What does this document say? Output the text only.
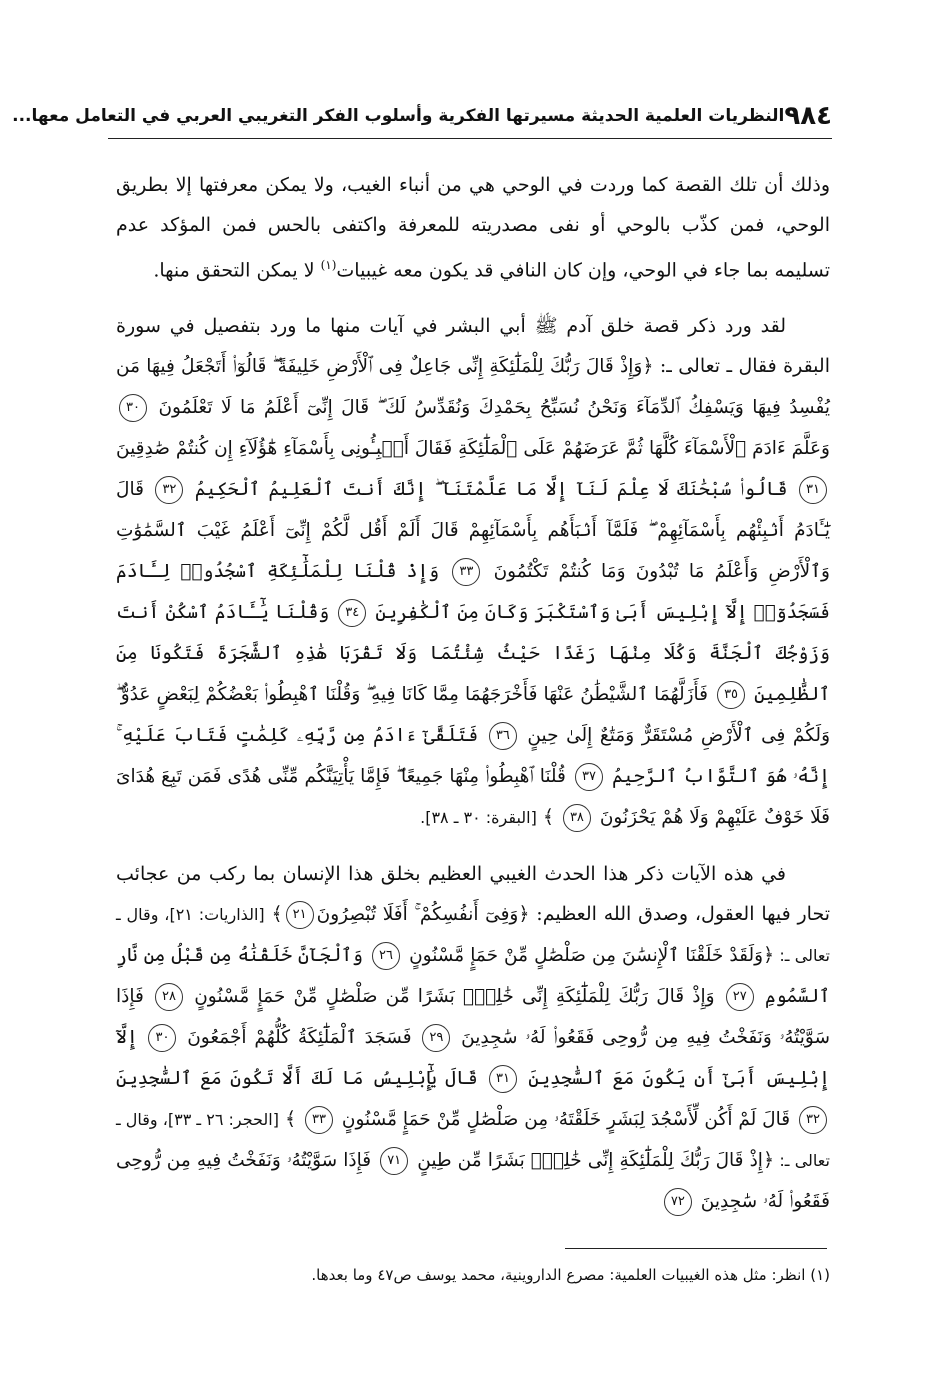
٩٨٤
النظريات العلمية الحديثة مسيرتها الفكرية وأسلوب الفكر التغريبي العربي في التعامل معها...

وذلك أن تلك القصة كما وردت في الوحي هي من أنباء الغيب، ولا يمكن معرفتها إلا بطريق الوحي، فمن كذّب بالوحي أو نفى مصدريته للمعرفة واكتفى بالحس فمن المؤكد عدم تسليمه بما جاء في الوحي، وإن كان النافي قد يكون معه غيبيات$^{(١)}$ لا يمكن التحقق منها.

لقد ورد ذكر قصة خلق آدم ﷺ أبي البشر في آيات منها ما ورد بتفصيل في سورة البقرة فقال ـ تعالى ـ: ﴿وَإِذْ قَالَ رَبُّكَ لِلْمَلَٰٓئِكَةِ إِنِّى جَاعِلٌ فِى ٱلْأَرْضِ خَلِيفَةً ۖ قَالُوٓا۟ أَتَجْعَلُ فِيهَا مَن يُفْسِدُ فِيهَا وَيَسْفِكُ ٱلدِّمَآءَ وَنَحْنُ نُسَبِّحُ بِحَمْدِكَ وَنُقَدِّسُ لَكَ ۖ قَالَ إِنِّىٓ أَعْلَمُ مَا لَا تَعْلَمُونَ ٣٠ وَعَلَّمَ ءَادَمَ ٱلْأَسْمَآءَ كُلَّهَا ثُمَّ عَرَضَهُمْ عَلَى ٱلْمَلَٰٓئِكَةِ فَقَالَ أَنۢبِـُٔونِى بِأَسْمَآءِ هَٰٓؤُلَآءِ إِن كُنتُمْ صَٰدِقِينَ ٣١ قَالُوا۟ سُبْحَٰنَكَ لَا عِلْمَ لَنَآ إِلَّا مَا عَلَّمْتَنَآ ۖ إِنَّكَ أَنتَ ٱلْعَلِيمُ ٱلْحَكِيمُ ٣٢ قَالَ يَٰٓـَٔادَمُ أَنۢبِئْهُم بِأَسْمَآئِهِمْ ۖ فَلَمَّآ أَنۢبَأَهُم بِأَسْمَآئِهِمْ قَالَ أَلَمْ أَقُل لَّكُمْ إِنِّىٓ أَعْلَمُ غَيْبَ ٱلسَّمَٰوَٰتِ وَٱلْأَرْضِ وَأَعْلَمُ مَا تُبْدُونَ وَمَا كُنتُمْ تَكْتُمُونَ ٣٣ وَإِذْ قُلْنَا لِلْمَلَٰٓئِكَةِ ٱسْجُدُوا۟ لِـَٔادَمَ فَسَجَدُوٓا۟ إِلَّآ إِبْلِيسَ أَبَىٰ وَٱسْتَكْبَرَ وَكَانَ مِنَ ٱلْكَٰفِرِينَ ٣٤ وَقُلْنَا يَٰٓـَٔادَمُ ٱسْكُنْ أَنتَ وَزَوْجُكَ ٱلْجَنَّةَ وَكُلَا مِنْهَا رَغَدًا حَيْثُ شِئْتُمَا وَلَا تَقْرَبَا هَٰذِهِ ٱلشَّجَرَةَ فَتَكُونَا مِنَ ٱلظَّٰلِمِينَ ٣٥ فَأَزَلَّهُمَا ٱلشَّيْطَٰنُ عَنْهَا فَأَخْرَجَهُمَا مِمَّا كَانَا فِيهِ ۖ وَقُلْنَا ٱهْبِطُوا۟ بَعْضُكُمْ لِبَعْضٍ عَدُوٌّ ۖ وَلَكُمْ فِى ٱلْأَرْضِ مُسْتَقَرٌّ وَمَتَٰعٌ إِلَىٰ حِينٍ ٣٦ فَتَلَقَّىٰٓ ءَادَمُ مِن رَّبِّهِۦ كَلِمَٰتٍ فَتَابَ عَلَيْهِ ۚ إِنَّهُۥ هُوَ ٱلتَّوَّابُ ٱلرَّحِيمُ ٣٧ قُلْنَا ٱهْبِطُوا۟ مِنْهَا جَمِيعًا ۖ فَإِمَّا يَأْتِيَنَّكُم مِّنِّى هُدًى فَمَن تَبِعَ هُدَاىَ فَلَا خَوْفٌ عَلَيْهِمْ وَلَا هُمْ يَحْزَنُونَ ٣٨ ﴾ [البقرة: ٣٠ ـ ٣٨].

في هذه الآيات ذكر هذا الحدث الغيبي العظيم بخلق هذا الإنسان بما ركب من عجائب تحار فيها العقول، وصدق الله العظيم: ﴿وَفِىٓ أَنفُسِكُمْ ۚ أَفَلَا تُبْصِرُونَ٢١﴾ [الذاريات: ٢١]، وقال ـ تعالى ـ: ﴿وَلَقَدْ خَلَقْنَا ٱلْإِنسَٰنَ مِن صَلْصَٰلٍ مِّنْ حَمَإٍ مَّسْنُونٍ ٢٦ وَٱلْجَآنَّ خَلَقْنَٰهُ مِن قَبْلُ مِن نَّارِ ٱلسَّمُومِ ٢٧ وَإِذْ قَالَ رَبُّكَ لِلْمَلَٰٓئِكَةِ إِنِّى خَٰلِقٌۢ بَشَرًا مِّن صَلْصَٰلٍ مِّنْ حَمَإٍ مَّسْنُونٍ ٢٨ فَإِذَا سَوَّيْتُهُۥ وَنَفَخْتُ فِيهِ مِن رُّوحِى فَقَعُوا۟ لَهُۥ سَٰجِدِينَ ٢٩ فَسَجَدَ ٱلْمَلَٰٓئِكَةُ كُلُّهُمْ أَجْمَعُونَ ٣٠ إِلَّآ إِبْلِيسَ أَبَىٰٓ أَن يَكُونَ مَعَ ٱلسَّٰجِدِينَ ٣١ قَالَ يَٰٓإِبْلِيسُ مَا لَكَ أَلَّا تَكُونَ مَعَ ٱلسَّٰجِدِينَ ٣٢ قَالَ لَمْ أَكُن لِّأَسْجُدَ لِبَشَرٍ خَلَقْتَهُۥ مِن صَلْصَٰلٍ مِّنْ حَمَإٍ مَّسْنُونٍ ٣٣ ﴾ [الحجر: ٢٦ ـ ٣٣]، وقال ـ تعالى ـ: ﴿إِذْ قَالَ رَبُّكَ لِلْمَلَٰٓئِكَةِ إِنِّى خَٰلِقٌۢ بَشَرًا مِّن طِينٍ ٧١ فَإِذَا سَوَّيْتُهُۥ وَنَفَخْتُ فِيهِ مِن رُّوحِى فَقَعُوا۟ لَهُۥ سَٰجِدِينَ ٧٢

(١) انظر: مثل هذه الغيبيات العلمية: مصرع الداروينية، محمد يوسف ص٤٧ وما بعدها.
